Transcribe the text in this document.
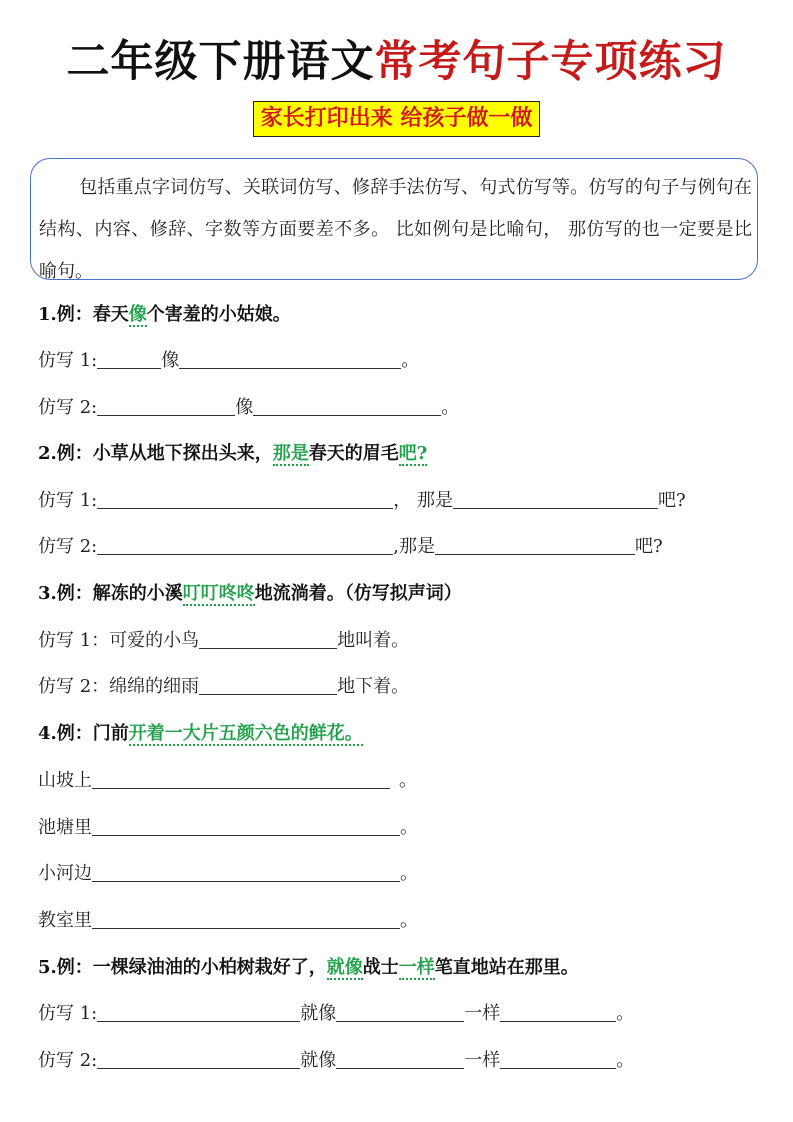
二年级下册语文常考句子专项练习
家长打印出来 给孩子做一做
包括重点字词仿写、关联词仿写、修辞手法仿写、句式仿写等。仿写的句子与例句在结构、内容、修辞、字数等方面要差不多。 比如例句是比喻句， 那仿写的也一定要是比喻句。
1.例：春天像个害羞的小姑娘。
仿写 1:	像	。
仿写 2:	像	。
2.例：小草从地下探出头来，那是春天的眉毛吧?
仿写 1:	， 那是	吧?
仿写 2:	,那是	吧?
3.例：解冻的小溪叮叮咚咚地流淌着。（仿写拟声词）
仿写 1：可爱的小鸟	地叫着。
仿写 2：绵绵的细雨	地下着。
4.例：门前开着一大片五颜六色的鲜花。
山坡上	。
池塘里	。
小河边	。
教室里	。
5.例：一棵绿油油的小柏树栽好了，就像战士一样笔直地站在那里。
仿写 1:	就像	一样	。
仿写 2:	就像	一样	。
